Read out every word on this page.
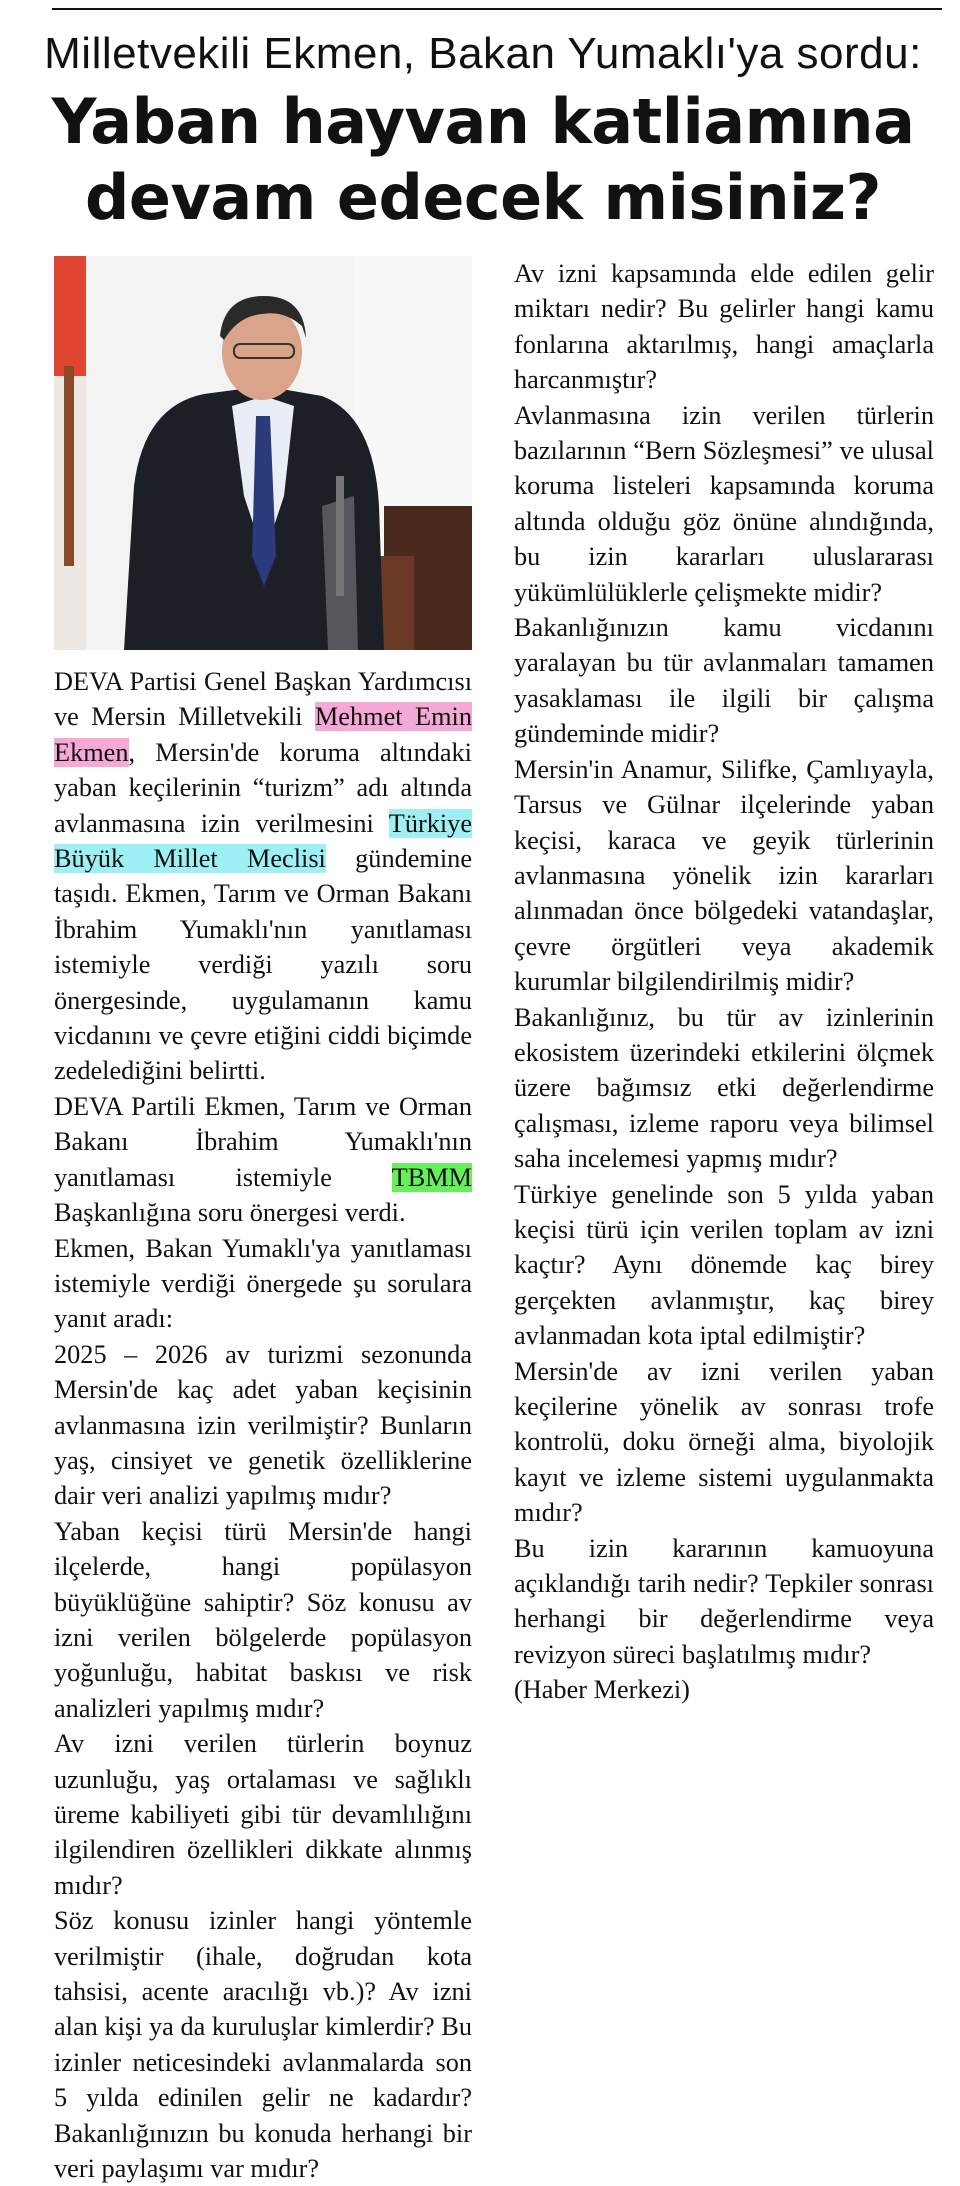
Milletvekili Ekmen, Bakan Yumaklı'ya sordu:

Yaban hayvan katliamına
devam edecek misiniz?

DEVA Partisi Genel Başkan Yardımcısı ve Mersin Milletvekili Mehmet Emin Ekmen, Mersin'de koruma altındaki yaban keçilerinin “turizm” adı altında avlanmasına izin verilmesini Türkiye Büyük Millet Meclisi gündemine taşıdı. Ekmen, Tarım ve Orman Bakanı İbrahim Yumaklı'nın yanıtlaması istemiyle verdiği yazılı soru önergesinde, uygulamanın kamu vicdanını ve çevre etiğini ciddi biçimde zedelediğini belirtti.

DEVA Partili Ekmen, Tarım ve Orman Bakanı İbrahim Yumaklı'nın yanıtlaması istemiyle TBMM Başkanlığına soru önergesi verdi.

Ekmen, Bakan Yumaklı'ya yanıtlaması istemiyle verdiği önergede şu sorulara yanıt aradı:

2025 – 2026 av turizmi sezonunda Mersin'de kaç adet yaban keçisinin avlanmasına izin verilmiştir? Bunların yaş, cinsiyet ve genetik özelliklerine dair veri analizi yapılmış mıdır?

Yaban keçisi türü Mersin'de hangi ilçelerde, hangi popülasyon büyüklüğüne sahiptir? Söz konusu av izni verilen bölgelerde popülasyon yoğunluğu, habitat baskısı ve risk analizleri yapılmış mıdır?

Av izni verilen türlerin boynuz uzunluğu, yaş ortalaması ve sağlıklı üreme kabiliyeti gibi tür devamlılığını ilgilendiren özellikleri dikkate alınmış mıdır?

Söz konusu izinler hangi yöntemle verilmiştir (ihale, doğrudan kota tahsisi, acente aracılığı vb.)? Av izni alan kişi ya da kuruluşlar kimlerdir? Bu izinler neticesindeki avlanmalarda son 5 yılda edinilen gelir ne kadardır? Bakanlığınızın bu konuda herhangi bir veri paylaşımı var mıdır?

Av izni kapsamında elde edilen gelir miktarı nedir? Bu gelirler hangi kamu fonlarına aktarılmış, hangi amaçlarla harcanmıştır?

Avlanmasına izin verilen türlerin bazılarının “Bern Sözleşmesi” ve ulusal koruma listeleri kapsamında koruma altında olduğu göz önüne alındığında, bu izin kararları uluslararası yükümlülüklerle çelişmekte midir?

Bakanlığınızın kamu vicdanını yaralayan bu tür avlanmaları tamamen yasaklaması ile ilgili bir çalışma gündeminde midir?

Mersin'in Anamur, Silifke, Çamlıyayla, Tarsus ve Gülnar ilçelerinde yaban keçisi, karaca ve geyik türlerinin avlanmasına yönelik izin kararları alınmadan önce bölgedeki vatandaşlar, çevre örgütleri veya akademik kurumlar bilgilendirilmiş midir?

Bakanlığınız, bu tür av izinlerinin ekosistem üzerindeki etkilerini ölçmek üzere bağımsız etki değerlendirme çalışması, izleme raporu veya bilimsel saha incelemesi yapmış mıdır?

Türkiye genelinde son 5 yılda yaban keçisi türü için verilen toplam av izni kaçtır? Aynı dönemde kaç birey gerçekten avlanmıştır, kaç birey avlanmadan kota iptal edilmiştir?

Mersin'de av izni verilen yaban keçilerine yönelik av sonrası trofe kontrolü, doku örneği alma, biyolojik kayıt ve izleme sistemi uygulanmakta mıdır?

Bu izin kararının kamuoyuna açıklandığı tarih nedir? Tepkiler sonrası herhangi bir değerlendirme veya revizyon süreci başlatılmış mıdır?

(Haber Merkezi)
